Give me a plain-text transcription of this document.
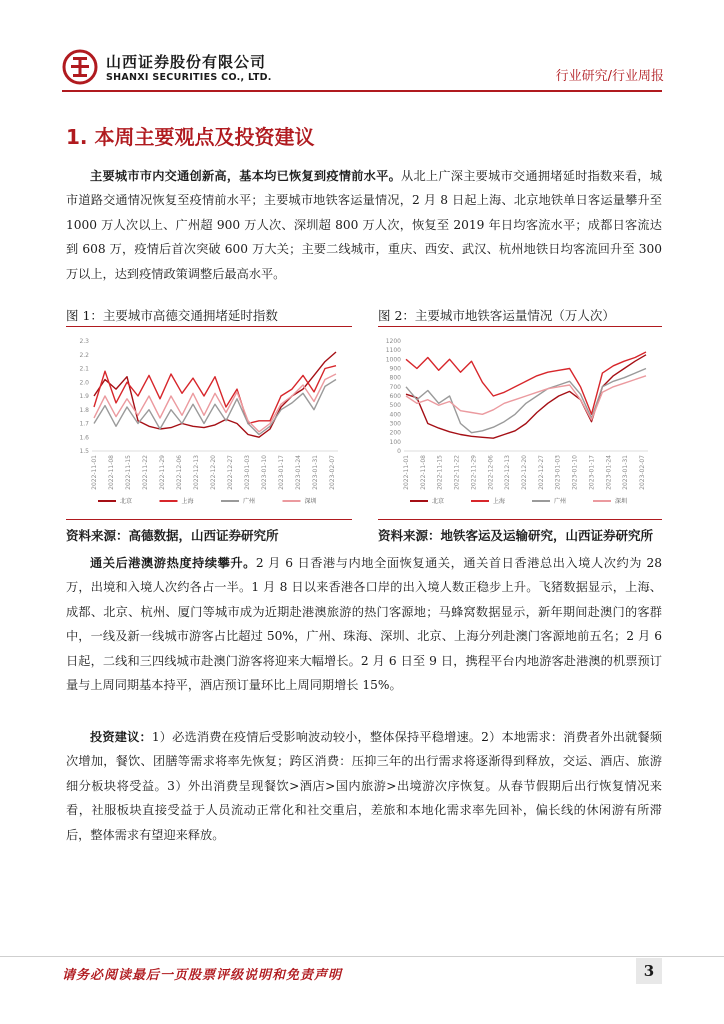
山西证券股份有限公司
SHANXI SECURITIES CO., LTD.	行业研究/行业周报
1. 本周主要观点及投资建议

主要城市市内交通创新高，基本均已恢复到疫情前水平。从北上广深主要城市交通拥堵延时指数来看，城市道路交通情况恢复至疫情前水平；主要城市地铁客运量情况，2 月 8 日起上海、北京地铁单日客运量攀升至 1000 万人次以上、广州超 900 万人次、深圳超 800 万人次，恢复至 2019 年日均客流水平；成都日客流达到 608 万，疫情后首次突破 600 万大关；主要二线城市，重庆、西安、武汉、杭州地铁日均客流回升至 300 万以上，达到疫情政策调整后最高水平。

图 1：主要城市高德交通拥堵延时指数	图 2：主要城市地铁客运量情况（万人次）
2.3
2.2
2.1
2.0
1.9
1.8
1.7
1.6
1.5
2022-11-01 2022-11-08 2022-11-15 2022-11-22 2022-11-29 2022-12-06 2022-12-13 2022-12-20 2022-12-27 2023-01-03 2023-01-10 2023-01-17 2023-01-24 2023-01-31 2023-02-07
北京	上海	广州	深圳
1200
1100
1000
900
800
700
600
500
400
300
200
100
0
2022-11-01 2022-11-08 2022-11-15 2022-11-22 2022-11-29 2022-12-06 2022-12-13 2022-12-20 2022-12-27 2023-01-03 2023-01-10 2023-01-17 2023-01-24 2023-01-31 2023-02-07
北京	上海	广州	深圳
资料来源：高德数据，山西证券研究所	资料来源：地铁客运及运输研究，山西证券研究所

通关后港澳游热度持续攀升。2 月 6 日香港与内地全面恢复通关，通关首日香港总出入境人次约为 28 万，出境和入境人次约各占一半。1 月 8 日以来香港各口岸的出入境人数正稳步上升。飞猪数据显示，上海、成都、北京、杭州、厦门等城市成为近期赴港澳旅游的热门客源地；马蜂窝数据显示，新年期间赴澳门的客群中，一线及新一线城市游客占比超过 50%，广州、珠海、深圳、北京、上海分列赴澳门客源地前五名；2 月 6 日起，二线和三四线城市赴澳门游客将迎来大幅增长。2 月 6 日至 9 日，携程平台内地游客赴港澳的机票预订量与上周同期基本持平，酒店预订量环比上周同期增长 15%。

投资建议：1）必选消费在疫情后受影响波动较小，整体保持平稳增速。2）本地需求：消费者外出就餐频次增加，餐饮、团膳等需求将率先恢复；跨区消费：压抑三年的出行需求将逐渐得到释放，交运、酒店、旅游细分板块将受益。3）外出消费呈现餐饮>酒店>国内旅游>出境游次序恢复。从春节假期后出行恢复情况来看，社服板块直接受益于人员流动正常化和社交重启，差旅和本地化需求率先回补，偏长线的休闲游有所滞后，整体需求有望迎来释放。

请务必阅读最后一页股票评级说明和免责声明	3
